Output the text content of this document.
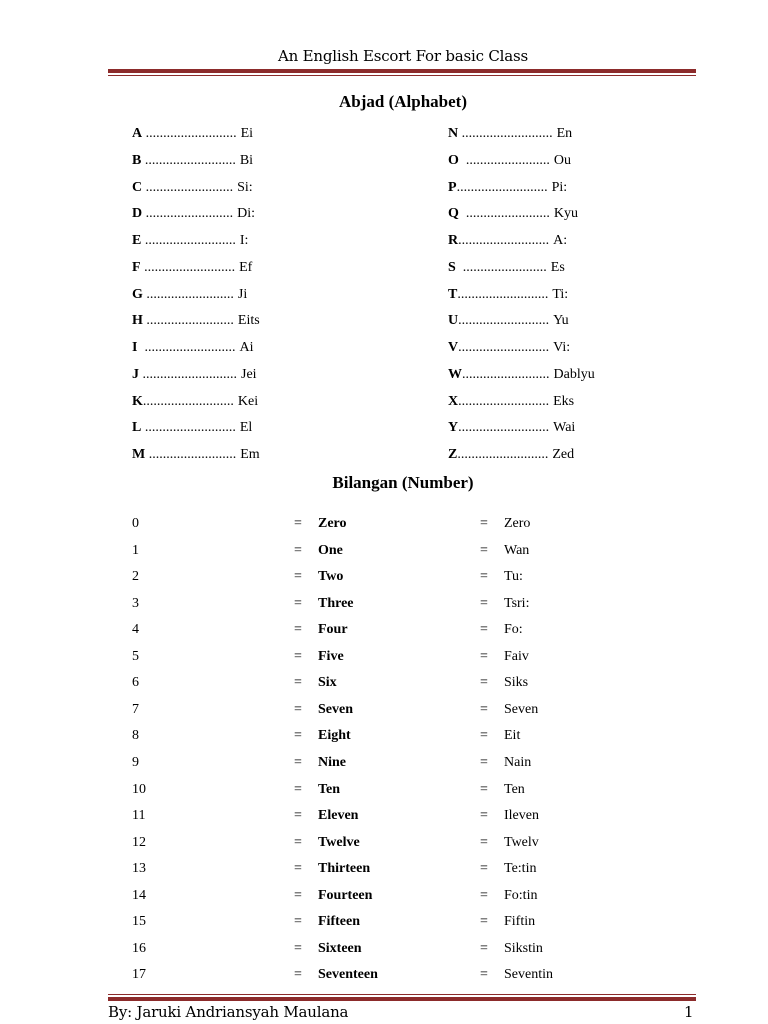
An English Escort For basic Class
Abjad (Alphabet)
A .......................... Ei
B .......................... Bi
C ......................... Si:
D ......................... Di:
E .......................... I:
F .......................... Ef
G ......................... Ji
H ......................... Eits
I  .......................... Ai
J ........................... Jei
K.......................... Kei
L .......................... El
M ......................... Em
N .......................... En
O  ........................ Ou
P.......................... Pi:
Q  ........................ Kyu
R.......................... A:
S  ........................ Es
T.......................... Ti:
U.......................... Yu
V.......................... Vi:
W......................... Dablyu
X.......................... Eks
Y.......................... Wai
Z.......................... Zed
Bilangan (Number)
0	= Zero	= Zero
1	= One	= Wan
2	= Two	= Tu:
3	= Three	= Tsri:
4	= Four	= Fo:
5	= Five	= Faiv
6	= Six	= Siks
7	= Seven	= Seven
8	= Eight	= Eit
9	= Nine	= Nain
10	= Ten	= Ten
11	= Eleven	= Ileven
12	= Twelve	= Twelv
13	= Thirteen	= Te:tin
14	= Fourteen	= Fo:tin
15	= Fifteen	= Fiftin
16	= Sixteen	= Sikstin
17	= Seventeen	= Seventin
By: Jaruki Andriansyah Maulana	1
